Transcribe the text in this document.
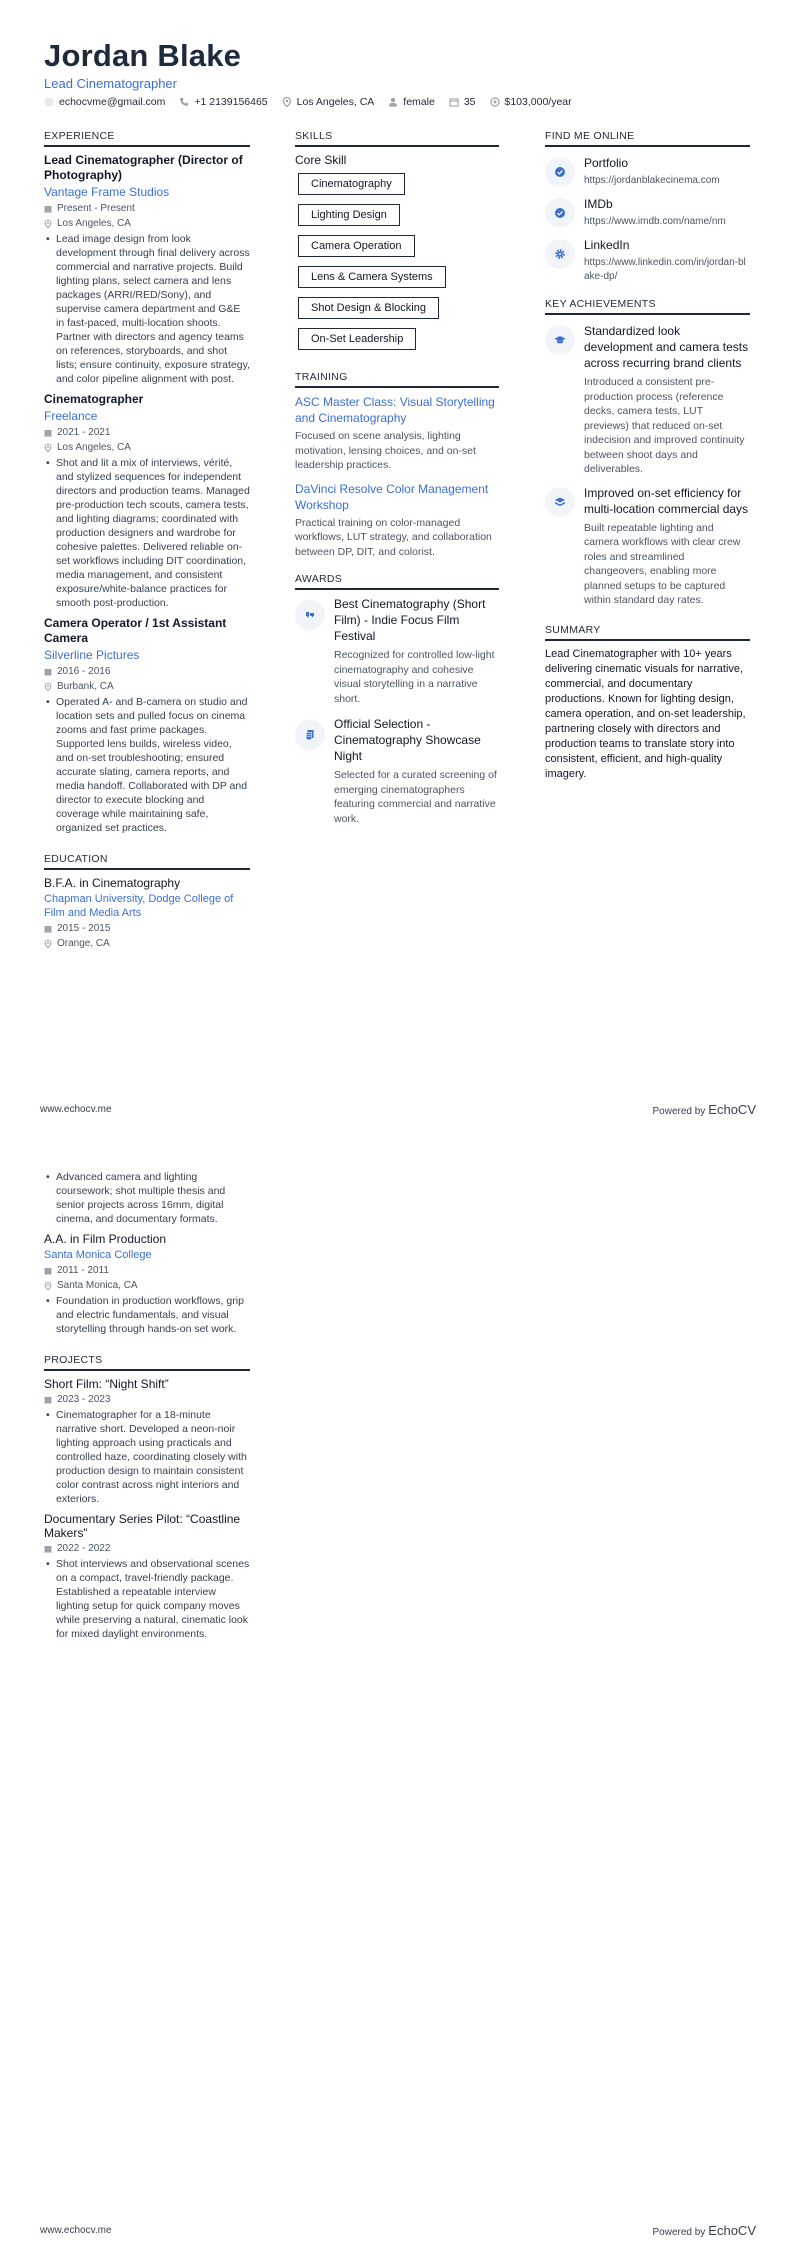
Jordan Blake
Lead Cinematographer
echocvme@gmail.com	+1 2139156465	Los Angeles, CA	female	35	$103,000/year
EXPERIENCE
Lead Cinematographer (Director of Photography)
Vantage Frame Studios
Present - Present
Los Angeles, CA
• Lead image design from look development through final delivery across commercial and narrative projects. Build lighting plans, select camera and lens packages (ARRI/RED/Sony), and supervise camera department and G&E in fast-paced, multi-location shoots. Partner with directors and agency teams on references, storyboards, and shot lists; ensure continuity, exposure strategy, and color pipeline alignment with post.
Cinematographer
Freelance
2021 - 2021
Los Angeles, CA
• Shot and lit a mix of interviews, vérité, and stylized sequences for independent directors and production teams. Managed pre-production tech scouts, camera tests, and lighting diagrams; coordinated with production designers and wardrobe for cohesive palettes. Delivered reliable on-set workflows including DIT coordination, media management, and consistent exposure/white-balance practices for smooth post-production.
Camera Operator / 1st Assistant Camera
Silverline Pictures
2016 - 2016
Burbank, CA
• Operated A- and B-camera on studio and location sets and pulled focus on cinema zooms and fast prime packages. Supported lens builds, wireless video, and on-set troubleshooting; ensured accurate slating, camera reports, and media handoff. Collaborated with DP and director to execute blocking and coverage while maintaining safe, organized set practices.
EDUCATION
B.F.A. in Cinematography
Chapman University, Dodge College of Film and Media Arts
2015 - 2015
Orange, CA
SKILLS
Core Skill
Cinematography
Lighting Design
Camera Operation
Lens & Camera Systems
Shot Design & Blocking
On-Set Leadership
TRAINING
ASC Master Class: Visual Storytelling and Cinematography
Focused on scene analysis, lighting motivation, lensing choices, and on-set leadership practices.
DaVinci Resolve Color Management Workshop
Practical training on color-managed workflows, LUT strategy, and collaboration between DP, DIT, and colorist.
AWARDS
Best Cinematography (Short Film) - Indie Focus Film Festival
Recognized for controlled low-light cinematography and cohesive visual storytelling in a narrative short.
Official Selection - Cinematography Showcase Night
Selected for a curated screening of emerging cinematographers featuring commercial and narrative work.
FIND ME ONLINE
Portfolio
https://jordanblakecinema.com
IMDb
https://www.imdb.com/name/nm
LinkedIn
https://www.linkedin.com/in/jordan-blake-dp/
KEY ACHIEVEMENTS
Standardized look development and camera tests across recurring brand clients
Introduced a consistent pre-production process (reference decks, camera tests, LUT previews) that reduced on-set indecision and improved continuity between shoot days and deliverables.
Improved on-set efficiency for multi-location commercial days
Built repeatable lighting and camera workflows with clear crew roles and streamlined changeovers, enabling more planned setups to be captured within standard day rates.
SUMMARY
Lead Cinematographer with 10+ years delivering cinematic visuals for narrative, commercial, and documentary productions. Known for lighting design, camera operation, and on-set leadership, partnering closely with directors and production teams to translate story into consistent, efficient, and high-quality imagery.
www.echocv.me	Powered by EchoCV
• Advanced camera and lighting coursework; shot multiple thesis and senior projects across 16mm, digital cinema, and documentary formats.
A.A. in Film Production
Santa Monica College
2011 - 2011
Santa Monica, CA
• Foundation in production workflows, grip and electric fundamentals, and visual storytelling through hands-on set work.
PROJECTS
Short Film: “Night Shift”
2023 - 2023
• Cinematographer for a 18-minute narrative short. Developed a neon-noir lighting approach using practicals and controlled haze, coordinating closely with production design to maintain consistent color contrast across night interiors and exteriors.
Documentary Series Pilot: “Coastline Makers”
2022 - 2022
• Shot interviews and observational scenes on a compact, travel-friendly package. Established a repeatable interview lighting setup for quick company moves while preserving a natural, cinematic look for mixed daylight environments.
www.echocv.me	Powered by EchoCV
